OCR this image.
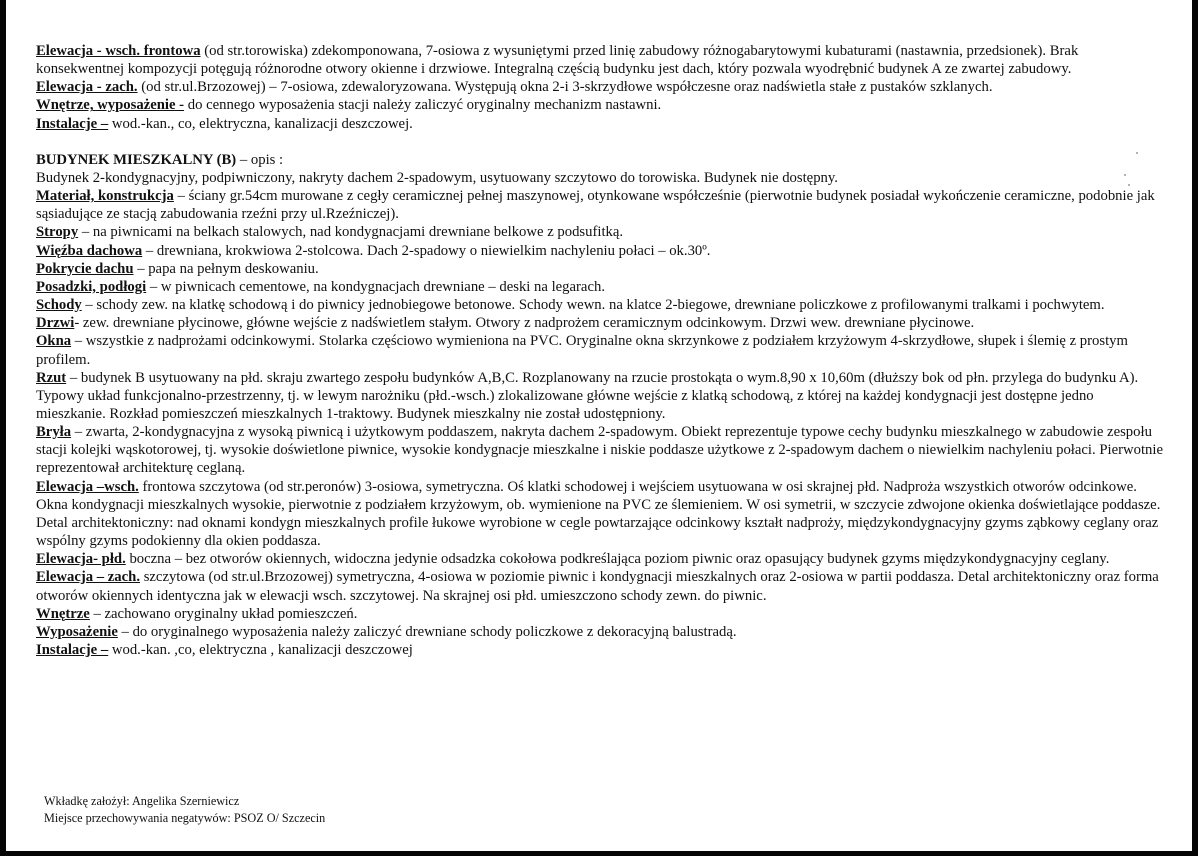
Elewacja - wsch. frontowa (od str.torowiska) zdekomponowana, 7-osiowa z wysuniętymi przed linię zabudowy różnogabarytowymi kubaturami (nastawnia, przedsionek). Brak konsekwentnej kompozycji potęgują różnorodne otwory okienne i drzwiowe. Integralną częścią budynku jest dach, który pozwala wyodrębnić budynek A ze zwartej zabudowy.

Elewacja - zach. (od str.ul.Brzozowej) – 7-osiowa, zdewaloryzowana. Występują okna 2-i 3-skrzydłowe współczesne oraz nadświetla stałe z pustaków szklanych.

Wnętrze, wyposażenie - do cennego wyposażenia stacji należy zaliczyć oryginalny mechanizm nastawni.

Instalacje – wod.-kan., co, elektryczna, kanalizacji deszczowej.

BUDYNEK MIESZKALNY (B) – opis :

Budynek 2-kondygnacyjny, podpiwniczony, nakryty dachem 2-spadowym, usytuowany szczytowo do torowiska. Budynek nie dostępny.

Materiał, konstrukcja – ściany gr.54cm murowane z cegły ceramicznej pełnej maszynowej, otynkowane współcześnie (pierwotnie budynek posiadał wykończenie ceramiczne, podobnie jak sąsiadujące ze stacją zabudowania rzeźni przy ul.Rzeźniczej).

Stropy – na piwnicami na belkach stalowych, nad kondygnacjami drewniane belkowe z podsufitką.

Więźba dachowa – drewniana, krokwiowa 2-stolcowa. Dach 2-spadowy o niewielkim nachyleniu połaci – ok.30º.

Pokrycie dachu – papa na pełnym deskowaniu.

Posadzki, podłogi – w piwnicach cementowe, na kondygnacjach drewniane – deski na legarach.

Schody – schody zew. na klatkę schodową i do piwnicy jednobiegowe betonowe. Schody wewn. na klatce 2-biegowe, drewniane policzkowe z profilowanymi tralkami i pochwytem.

Drzwi- zew. drewniane płycinowe, główne wejście z nadświetlem stałym. Otwory z nadprożem ceramicznym odcinkowym. Drzwi wew. drewniane płycinowe.

Okna – wszystkie z nadprożami odcinkowymi. Stolarka częściowo wymieniona na PVC. Oryginalne okna skrzynkowe z podziałem krzyżowym 4-skrzydłowe, słupek i ślemię z prostym profilem.

Rzut – budynek B usytuowany na płd. skraju zwartego zespołu budynków A,B,C. Rozplanowany na rzucie prostokąta o wym.8,90 x 10,60m (dłuższy bok od płn. przylega do budynku A). Typowy układ funkcjonalno-przestrzenny, tj. w lewym narożniku (płd.-wsch.) zlokalizowane główne wejście z klatką schodową, z której na każdej kondygnacji jest dostępne jedno mieszkanie. Rozkład pomieszczeń mieszkalnych 1-traktowy. Budynek mieszkalny nie został udostępniony.

Bryła – zwarta, 2-kondygnacyjna z wysoką piwnicą i użytkowym poddaszem, nakryta dachem 2-spadowym. Obiekt reprezentuje typowe cechy budynku mieszkalnego w zabudowie zespołu stacji kolejki wąskotorowej, tj. wysokie doświetlone piwnice, wysokie kondygnacje mieszkalne i niskie poddasze użytkowe z 2-spadowym dachem o niewielkim nachyleniu połaci. Pierwotnie reprezentował architekturę ceglaną.

Elewacja –wsch. frontowa szczytowa (od str.peronów) 3-osiowa, symetryczna. Oś klatki schodowej i wejściem usytuowana w osi skrajnej płd. Nadproża wszystkich otworów odcinkowe. Okna kondygnacji mieszkalnych wysokie, pierwotnie z podziałem krzyżowym, ob. wymienione na PVC ze ślemieniem. W osi symetrii, w szczycie zdwojone okienka doświetlające poddasze. Detal architektoniczny: nad oknami kondygn mieszkalnych profile łukowe wyrobione w cegle powtarzające odcinkowy kształt nadproży, międzykondygnacyjny gzyms ząbkowy ceglany oraz wspólny gzyms podokienny dla okien poddasza.

Elewacja- płd. boczna – bez otworów okiennych, widoczna jedynie odsadzka cokołowa podkreślająca poziom piwnic oraz opasujący budynek gzyms międzykondygnacyjny ceglany.

Elewacja – zach. szczytowa (od str.ul.Brzozowej) symetryczna, 4-osiowa w poziomie piwnic i kondygnacji mieszkalnych oraz 2-osiowa w partii poddasza. Detal architektoniczny oraz forma otworów okiennych identyczna jak w elewacji wsch. szczytowej. Na skrajnej osi płd. umieszczono schody zewn. do piwnic.

Wnętrze – zachowano oryginalny układ pomieszczeń.

Wyposażenie – do oryginalnego wyposażenia należy zaliczyć drewniane schody policzkowe z dekoracyjną balustradą.

Instalacje – wod.-kan. ,co, elektryczna , kanalizacji deszczowej

Wkładkę założył: Angelika Szerniewicz

Miejsce przechowywania negatywów: PSOZ O/ Szczecin
